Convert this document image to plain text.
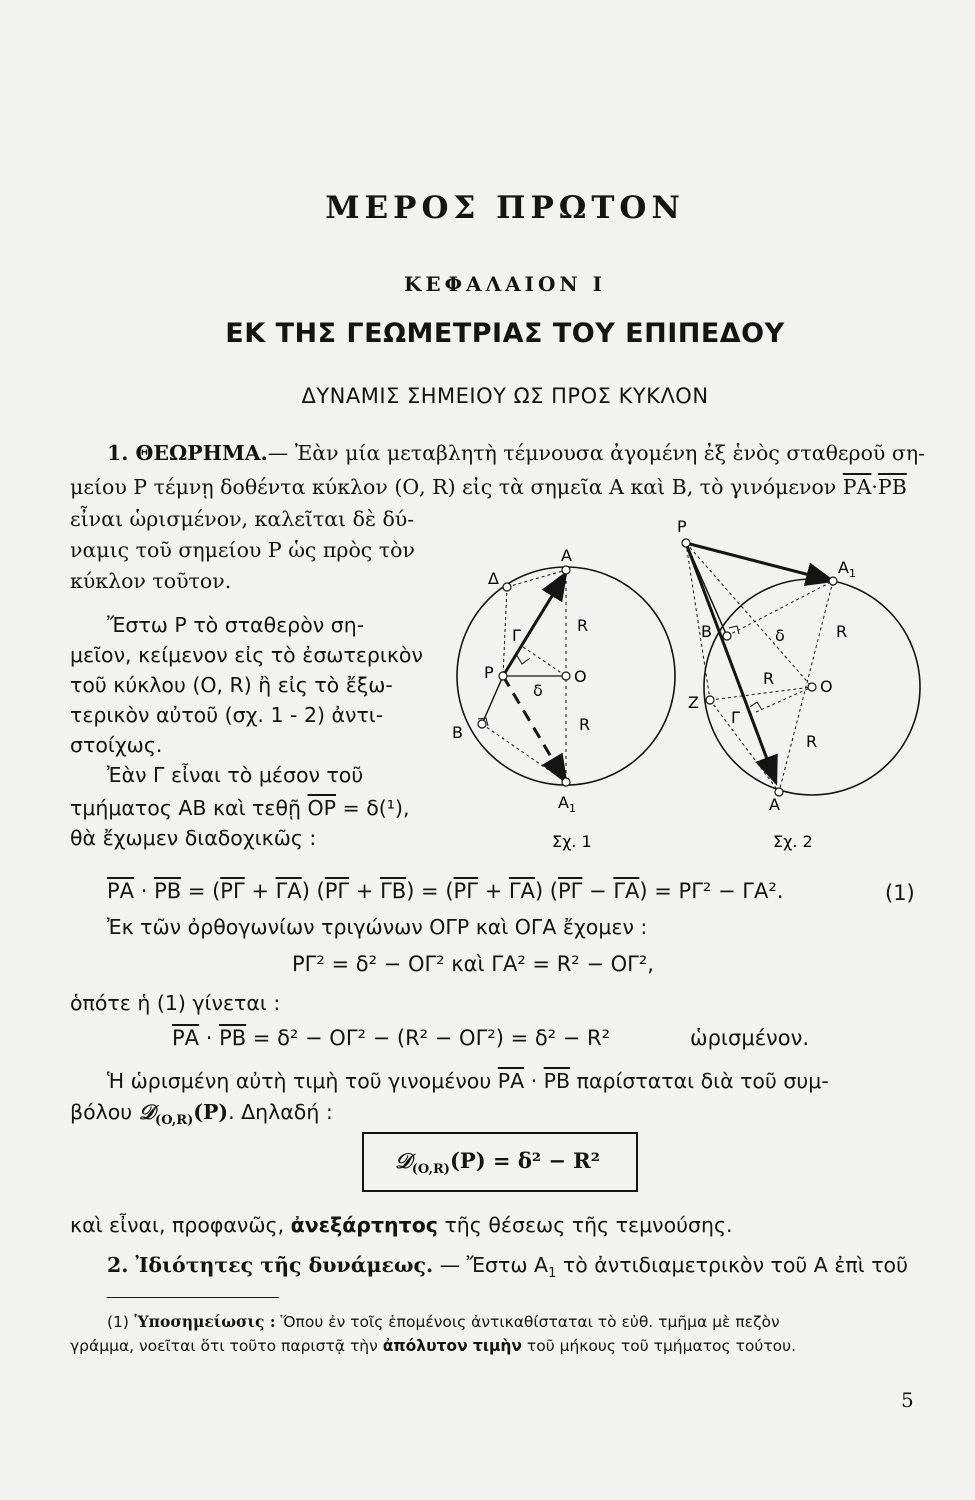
ΜΕΡΟΣ ΠΡΩΤΟΝ
ΚΕΦΑΛΑΙΟΝ Ι
ΕΚ ΤΗΣ ΓΕΩΜΕΤΡΙΑΣ ΤΟΥ ΕΠΙΠΕΔΟΥ
ΔΥΝΑΜΙΣ ΣΗΜΕΙΟΥ ΩΣ ΠΡΟΣ ΚΥΚΛΟΝ
1. ΘΕΩΡΗΜΑ.— Ἐὰν μία μεταβλητὴ τέμνουσα ἀγομένη ἐξ ἑνὸς σταθεροῦ ση-
μείου Ρ τέμνῃ δοθέντα κύκλον (Ο, R) εἰς τὰ σημεῖα Α καὶ Β, τὸ γινόμενον $\overline{PA}\cdot\overline{PB}$
εἶναι ὡρισμένον, καλεῖται δὲ δύ-
ναμις τοῦ σημείου Ρ ὡς πρὸς τὸν
κύκλον τοῦτον.
Ἔστω Ρ τὸ σταθερὸν ση-
μεῖον, κείμενον εἰς τὸ ἐσωτερικὸν
τοῦ κύκλου (Ο, R) ἢ εἰς τὸ ἔξω-
τερικὸν αὐτοῦ (σχ. 1 - 2) ἀντι-
στοίχως.
Ἐὰν Γ εἶναι τὸ μέσον τοῦ
τμήματος ΑΒ καὶ τεθῇ $\overline{OP} = \delta(^1)$,
θὰ ἔχωμεν διαδοχικῶς :
Α
Δ
Γ
Ρ	Ο
Β
Α 1
δ
R
R
Σχ. 1
Ρ
Α 1
Β	δ	R
R	Ο
Ζ
Γ
R
Α
Σχ. 2
$\overline{PA} \cdot \overline{PB} = (\overline{P\Gamma} + \overline{\Gamma A}) (\overline{P\Gamma} + \overline{\Gamma B}) = (\overline{P\Gamma} + \overline{\Gamma A}) (\overline{P\Gamma} - \overline{\Gamma A}) = P\Gamma^2 - \Gamma A^2$.	(1)
Ἐκ τῶν ὀρθογωνίων τριγώνων ΟΓΡ καὶ ΟΓΑ ἔχομεν :
ΡΓ² = δ² − ΟΓ² καὶ ΓΑ² = R² − ΟΓ²,
ὁπότε ἡ (1) γίνεται :
$\overline{PA} \cdot \overline{PB} = \delta^2 - O\Gamma^2 - (R^2 - O\Gamma^2) = \delta^2 - R^2$	ὡρισμένον.
Ἡ ὡρισμένη αὐτὴ τιμὴ τοῦ γινομένου $\overline{PA} \cdot \overline{PB}$ παρίσταται διὰ τοῦ συμ-
βόλου 𝒟$_{(O,R)}$(Ρ). Δηλαδή :
𝒟$_{(O,R)}$(Ρ) = δ² − R²
καὶ εἶναι, προφανῶς, ἀνεξάρτητος τῆς θέσεως τῆς τεμνούσης.
2. Ἰδιότητες τῆς δυνάμεως. — Ἔστω $A_1$ τὸ ἀντιδιαμετρικὸν τοῦ Α ἐπὶ τοῦ
(1) Ὑποσημείωσις : Ὅπου ἐν τοῖς ἑπομένοις ἀντικαθίσταται τὸ εὐθ. τμῆμα μὲ πεζὸν
γράμμα, νοεῖται ὅτι τοῦτο παριστᾷ τὴν ἀπόλυτον τιμὴν τοῦ μήκους τοῦ τμήματος τούτου.
5
